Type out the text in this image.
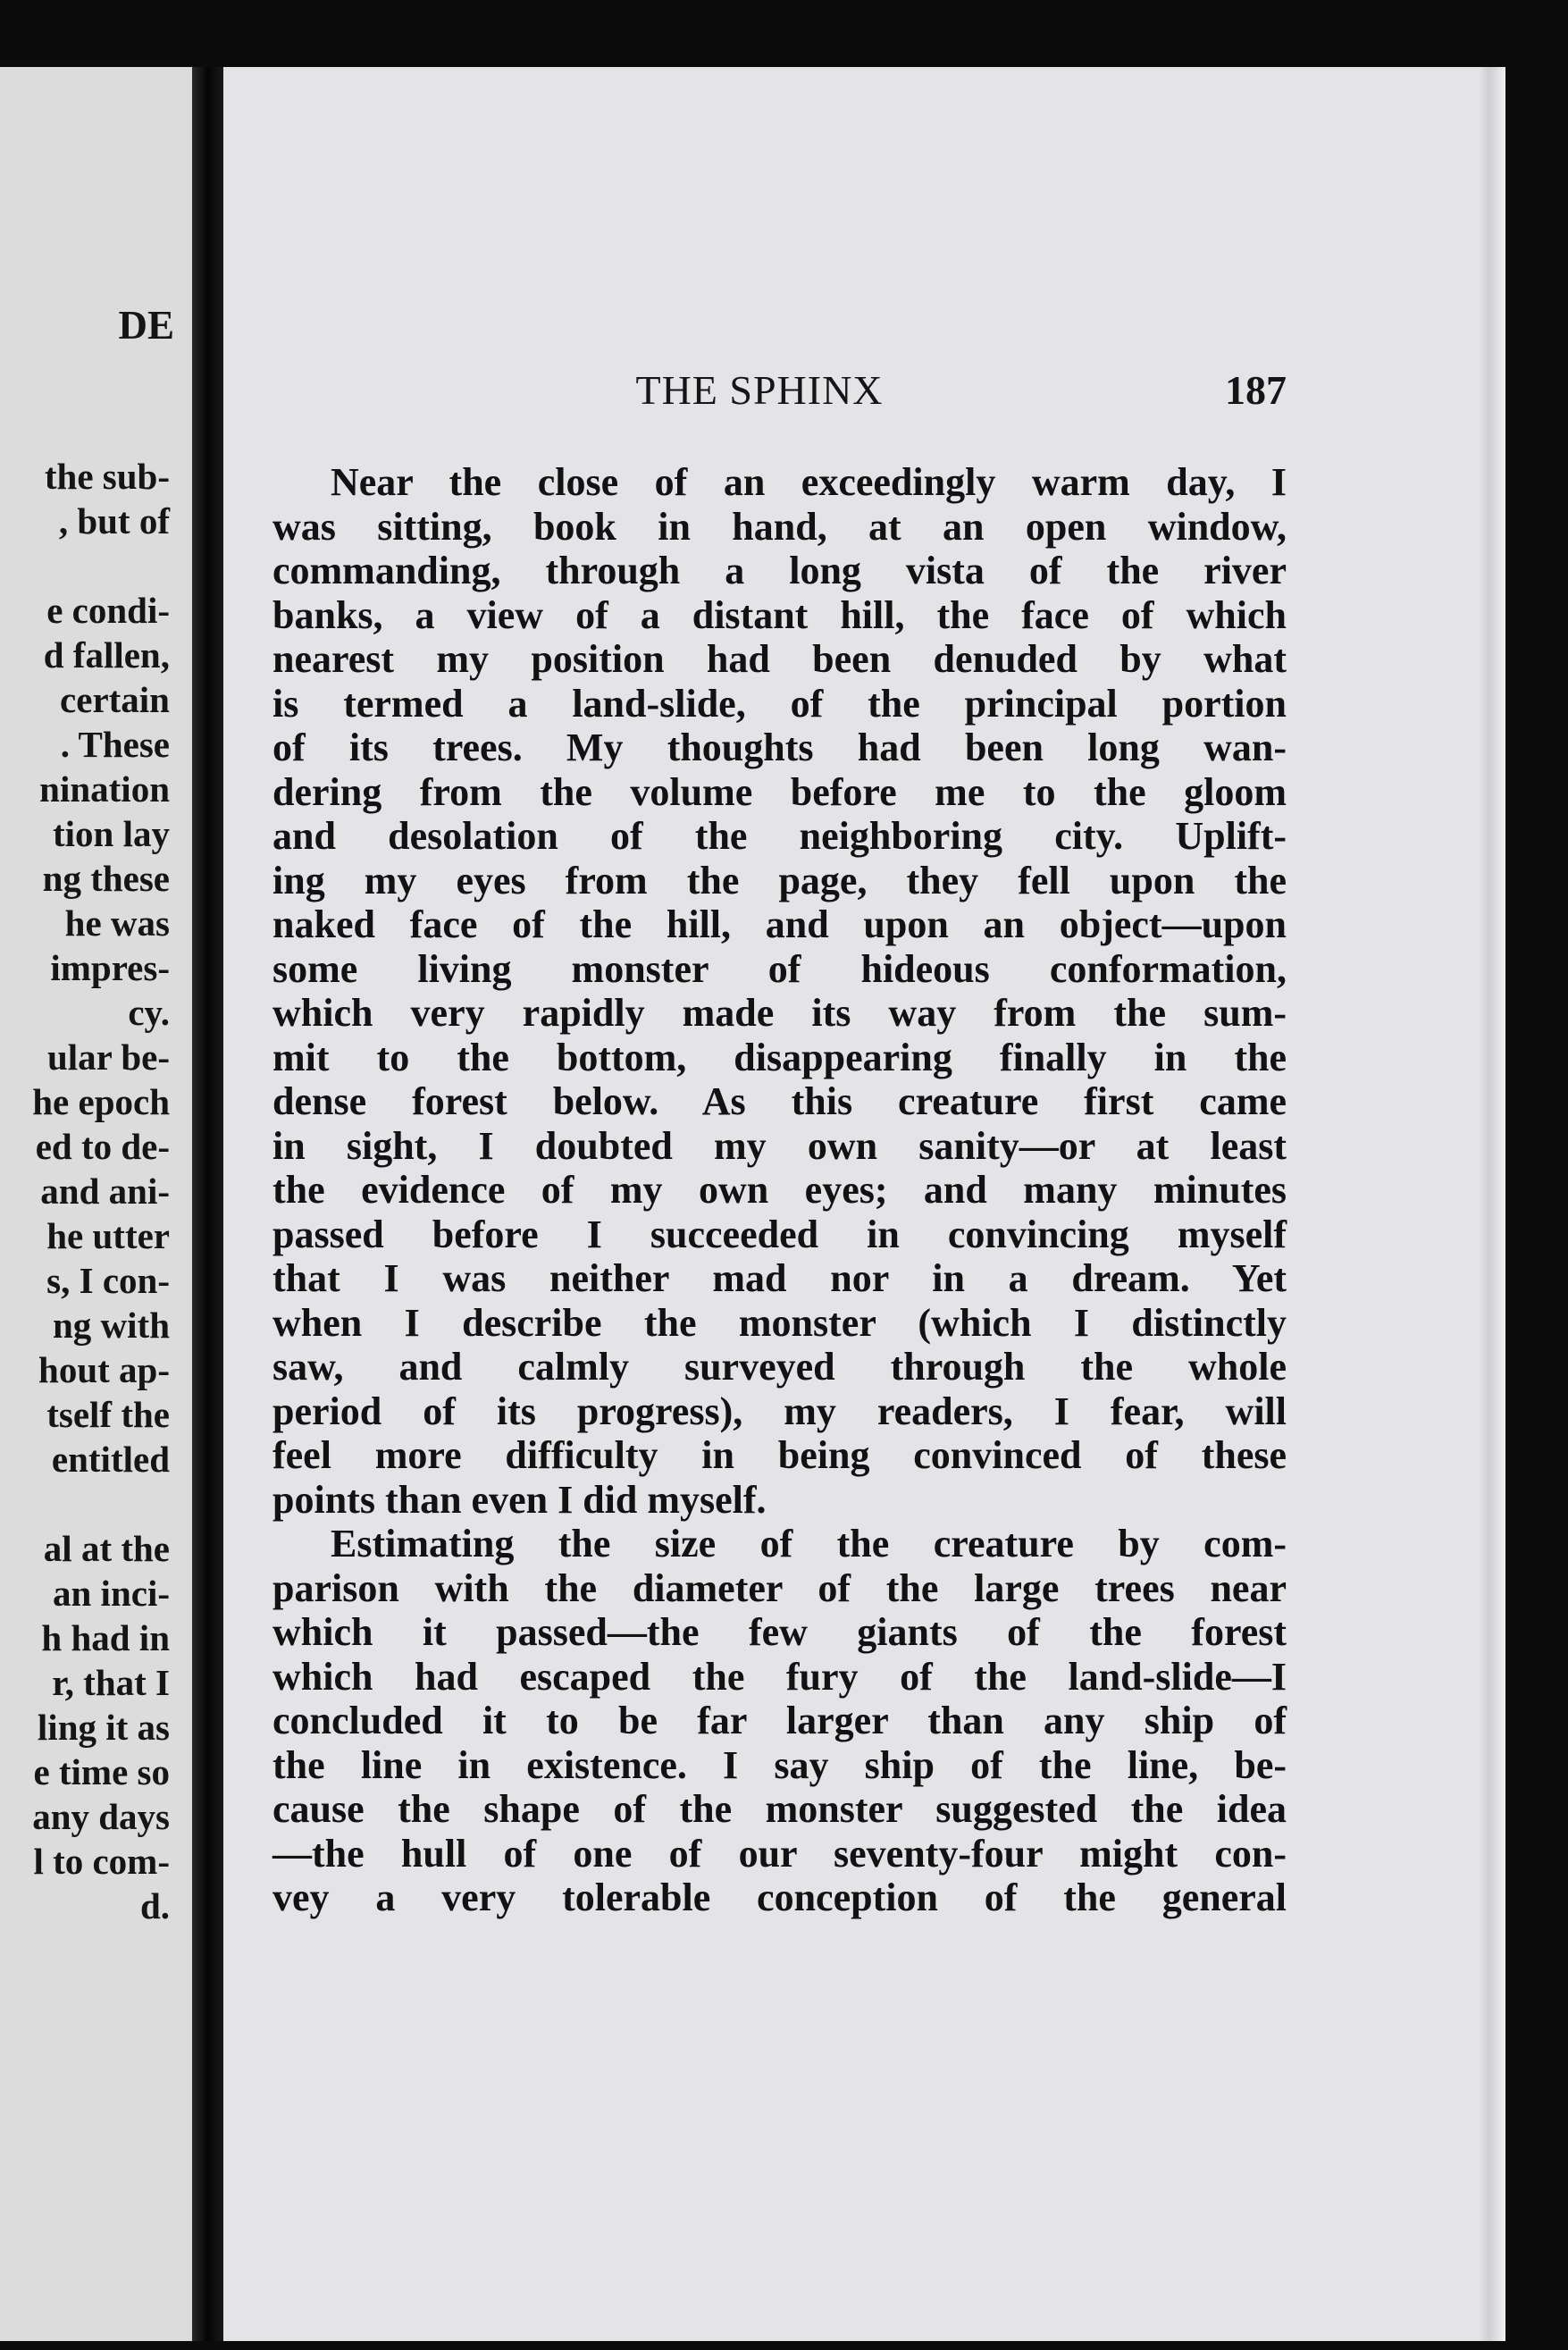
DE
the sub-
, but of
e condi-
d fallen,
certain
. These
nination
tion lay
ng these
he was
impres-
cy.
ular be-
he epoch
ed to de-
and ani-
he utter
s, I con-
ng with
hout ap-
tself the
entitled
al at the
an inci-
h had in
r, that I
ling it as
e time so
any days
l to com-
d.
THE SPHINX	187
Near the close of an exceedingly warm day, I
was sitting, book in hand, at an open window,
commanding, through a long vista of the river
banks, a view of a distant hill, the face of which
nearest my position had been denuded by what
is termed a land-slide, of the principal portion
of its trees. My thoughts had been long wan-
dering from the volume before me to the gloom
and desolation of the neighboring city. Uplift-
ing my eyes from the page, they fell upon the
naked face of the hill, and upon an object—upon
some living monster of hideous conformation,
which very rapidly made its way from the sum-
mit to the bottom, disappearing finally in the
dense forest below. As this creature first came
in sight, I doubted my own sanity—or at least
the evidence of my own eyes; and many minutes
passed before I succeeded in convincing myself
that I was neither mad nor in a dream. Yet
when I describe the monster (which I distinctly
saw, and calmly surveyed through the whole
period of its progress), my readers, I fear, will
feel more difficulty in being convinced of these
points than even I did myself.
Estimating the size of the creature by com-
parison with the diameter of the large trees near
which it passed—the few giants of the forest
which had escaped the fury of the land-slide—I
concluded it to be far larger than any ship of
the line in existence. I say ship of the line, be-
cause the shape of the monster suggested the idea
—the hull of one of our seventy-four might con-
vey a very tolerable conception of the general
